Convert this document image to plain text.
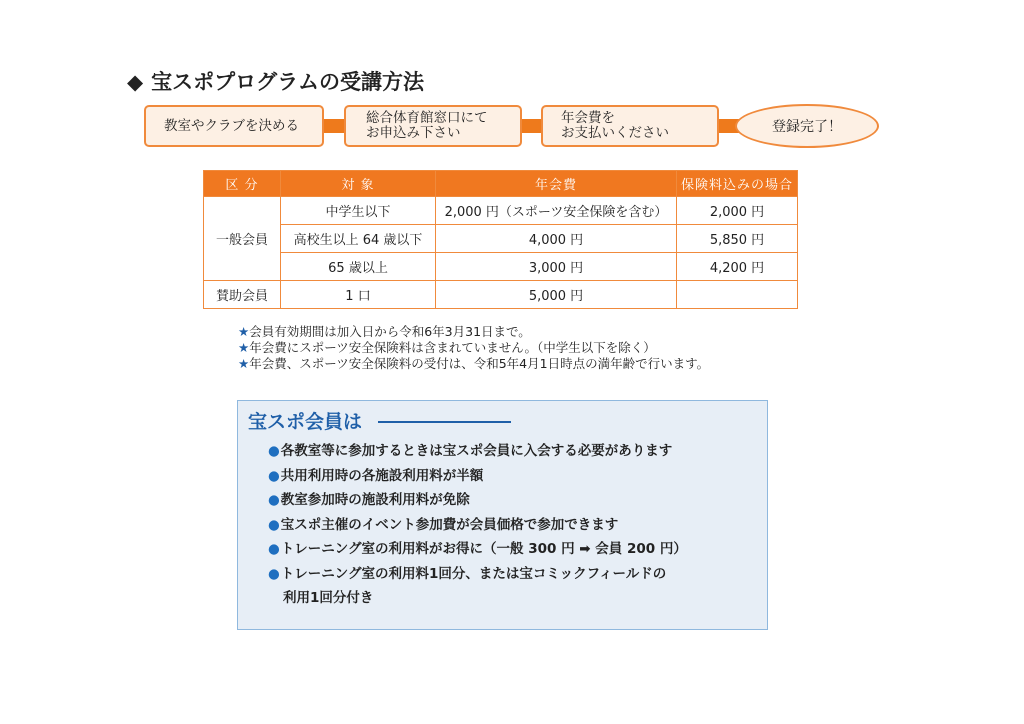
◆ 宝スポプログラムの受講方法
教室やクラブを決める	総合体育館窓口にて
お申込み下さい
年会費を
お支払いください	登録完了！
区 分	対 象	年会費	保険料込みの場合
一般会員	中学生以下	2,000 円（スポーツ安全保険を含む）	2,000 円
	高校生以上 64 歳以下	4,000 円	5,850 円
	65 歳以上	3,000 円	4,200 円
賛助会員	1 口	5,000 円	
★会員有効期間は加入日から令和6年3月31日まで。
★年会費にスポーツ安全保険料は含まれていません。（中学生以下を除く）
★年会費、スポーツ安全保険料の受付は、令和5年4月1日時点の満年齢で行います。
宝スポ会員は
●各教室等に参加するときは宝スポ会員に入会する必要があります
●共用利用時の各施設利用料が半額
●教室参加時の施設利用料が免除
●宝スポ主催のイベント参加費が会員価格で参加できます
●トレーニング室の利用料がお得に（一般 300 円 ➡ 会員 200 円）
●トレーニング室の利用料1回分、または宝コミックフィールドの
利用1回分付き
